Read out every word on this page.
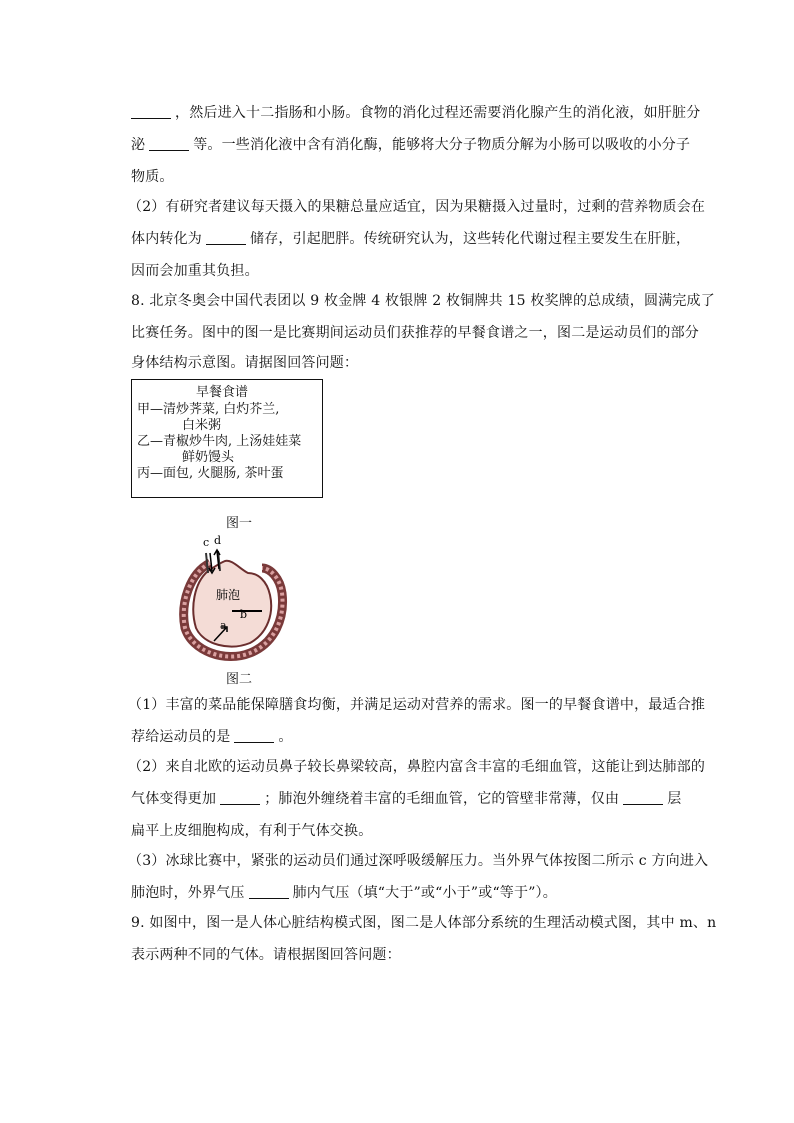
，然后进入十二指肠和小肠。食物的消化过程还需要消化腺产生的消化液，如肝脏分
泌	等。一些消化液中含有消化酶，能够将大分子物质分解为小肠可以吸收的小分子
物质。
（2）有研究者建议每天摄入的果糖总量应适宜，因为果糖摄入过量时，过剩的营养物质会在
体内转化为	储存，引起肥胖。传统研究认为，这些转化代谢过程主要发生在肝脏，
因而会加重其负担。
8. 北京冬奥会中国代表团以 9 枚金牌 4 枚银牌 2 枚铜牌共 15 枚奖牌的总成绩，圆满完成了
比赛任务。图中的图一是比赛期间运动员们获推荐的早餐食谱之一，图二是运动员们的部分
身体结构示意图。请据图回答问题：
早餐食谱
甲—清炒荠菜, 白灼芥兰,
白米粥
乙—青椒炒牛肉, 上汤娃娃菜
鲜奶馒头
丙—面包, 火腿肠, 茶叶蛋
图一
c d
肺泡
b
a
图二
（1）丰富的菜品能保障膳食均衡，并满足运动对营养的需求。图一的早餐食谱中，最适合推
荐给运动员的是	。
（2）来自北欧的运动员鼻子较长鼻梁较高，鼻腔内富含丰富的毛细血管，这能让到达肺部的
气体变得更加	；肺泡外缠绕着丰富的毛细血管，它的管壁非常薄，仅由	层
扁平上皮细胞构成，有利于气体交换。
（3）冰球比赛中，紧张的运动员们通过深呼吸缓解压力。当外界气体按图二所示 c 方向进入
肺泡时，外界气压	肺内气压（填“大于”或“小于”或“等于”）。
9. 如图中，图一是人体心脏结构模式图，图二是人体部分系统的生理活动模式图，其中 m、n
表示两种不同的气体。请根据图回答问题：
